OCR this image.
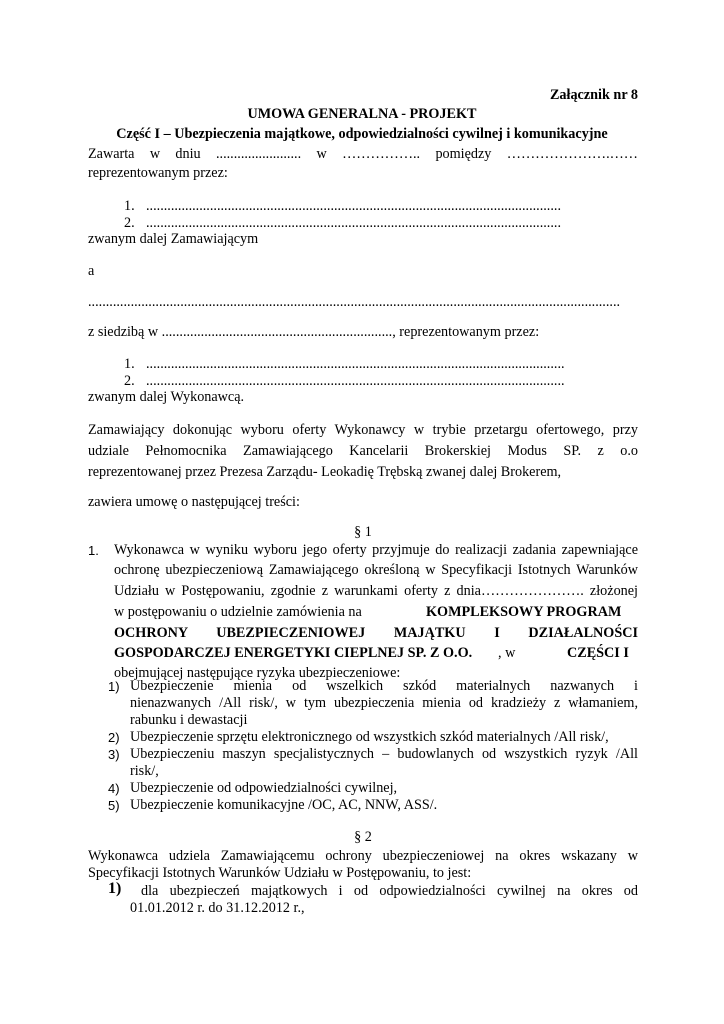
Załącznik nr 8
UMOWA GENERALNA - PROJEKT
Część I – Ubezpieczenia majątkowe, odpowiedzialności cywilnej i komunikacyjne
Zawarta w dniu ........................ w …………….. pomiędzy ………………….……
reprezentowanym przez:
1. .....................................................................................................................
2. .....................................................................................................................
zwanym dalej Zamawiającym
a
......................................................................................................................................................
z siedzibą w ................................................................., reprezentowanym przez:
1. ......................................................................................................................
2. ......................................................................................................................
zwanym dalej Wykonawcą.
Zamawiający dokonując wyboru oferty Wykonawcy w trybie przetargu ofertowego, przy
udziale Pełnomocnika Zamawiającego Kancelarii Brokerskiej Modus SP. z o.o
reprezentowanej przez Prezesa Zarządu- Leokadię Trębską zwanej dalej Brokerem,
zawiera umowę o następującej treści:
§ 1
1. Wykonawca w wyniku wyboru jego oferty przyjmuje do realizacji zadania zapewniające
ochronę ubezpieczeniową Zamawiającego określoną w Specyfikacji Istotnych Warunków
Udziału w Postępowaniu, zgodnie z warunkami oferty z dnia…………………. złożonej
w postępowaniu o udzielnie zamówienia na	KOMPLEKSOWY PROGRAM
OCHRONY UBEZPIECZENIOWEJ MAJĄTKU I DZIAŁALNOŚCI
GOSPODARCZEJ ENERGETYKI CIEPLNEJ SP. Z O.O. , w	CZĘŚCI I
obejmującej następujące ryzyka ubezpieczeniowe:
1) Ubezpieczenie mienia od wszelkich szkód materialnych nazwanych i
nienazwanych /All risk/, w tym ubezpieczenia mienia od kradzieży z włamaniem,
rabunku i dewastacji
2) Ubezpieczenie sprzętu elektronicznego od wszystkich szkód materialnych /All risk/,
3) Ubezpieczeniu maszyn specjalistycznych – budowlanych od wszystkich ryzyk /All
risk/,
4) Ubezpieczenie od odpowiedzialności cywilnej,
5) Ubezpieczenie komunikacyjne /OC, AC, NNW, ASS/.
§ 2
Wykonawca udziela Zamawiającemu ochrony ubezpieczeniowej na okres wskazany w
Specyfikacji Istotnych Warunków Udziału w Postępowaniu, to jest:
1) dla ubezpieczeń majątkowych i od odpowiedzialności cywilnej na okres od
01.01.2012 r. do 31.12.2012 r.,
